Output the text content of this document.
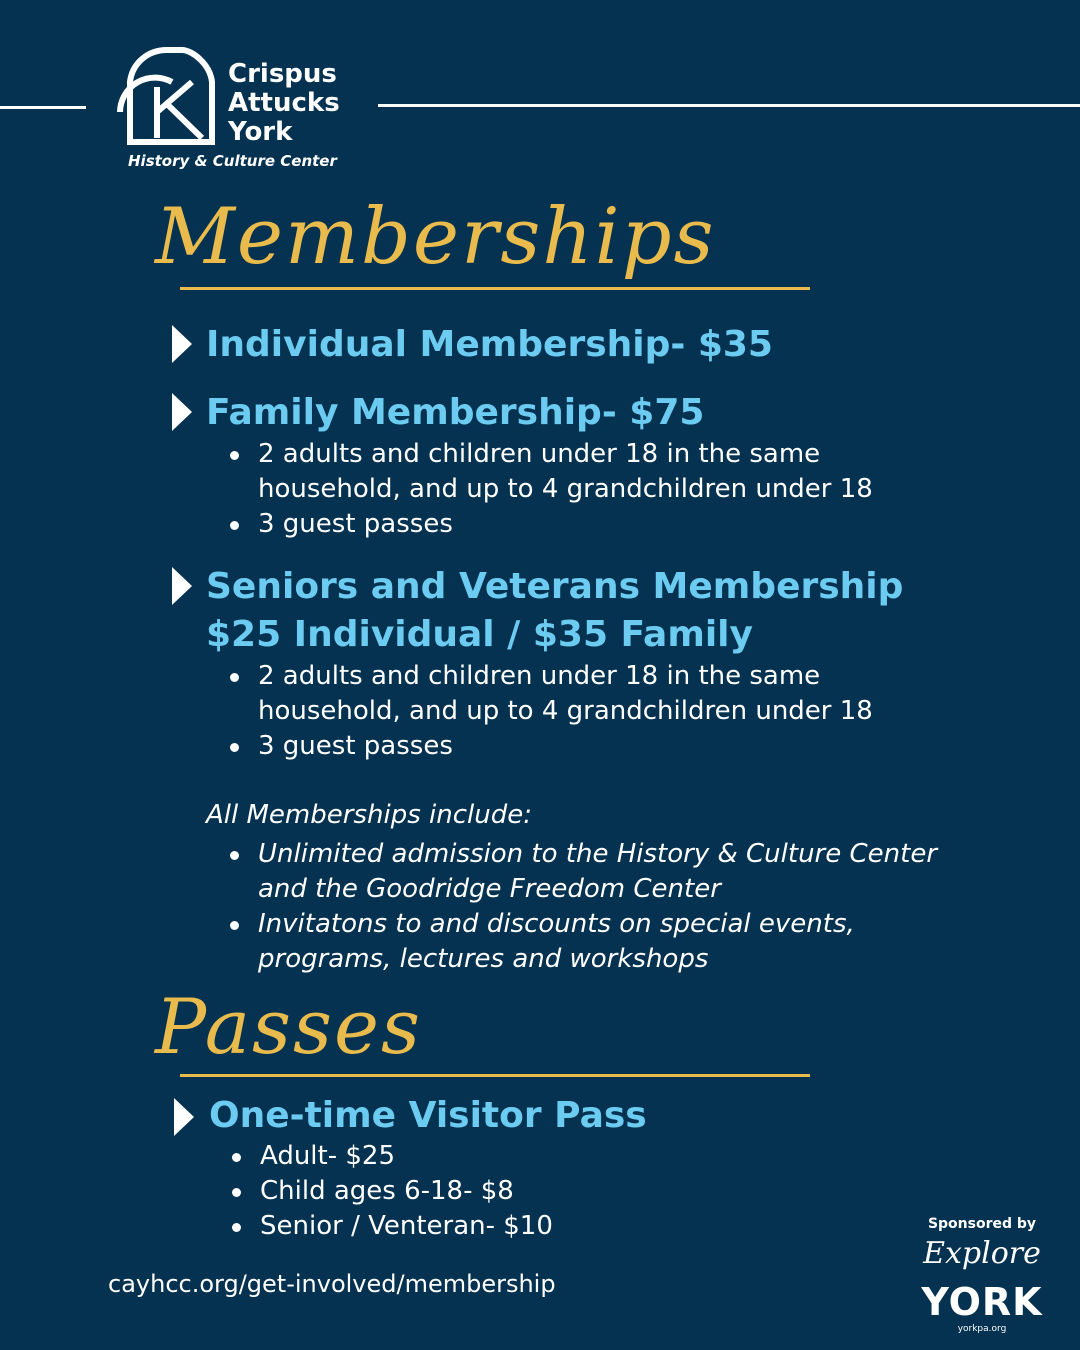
Crispus
Attucks
York
History & Culture Center
Memberships
Individual Membership- $35
Family Membership- $75
2 adults and children under 18 in the same household, and up to 4 grandchildren under 18
3 guest passes
Seniors and Veterans Membership
$25 Individual / $35 Family
2 adults and children under 18 in the same household, and up to 4 grandchildren under 18
3 guest passes
All Memberships include:
Unlimited admission to the History & Culture Center and the Goodridge Freedom Center
Invitatons to and discounts on special events, programs, lectures and workshops
Passes
One-time Visitor Pass
Adult- $25
Child ages 6-18- $8
Senior / Venteran- $10
cayhcc.org/get-involved/membership
Sponsored by
Explore
YORK
yorkpa.org
